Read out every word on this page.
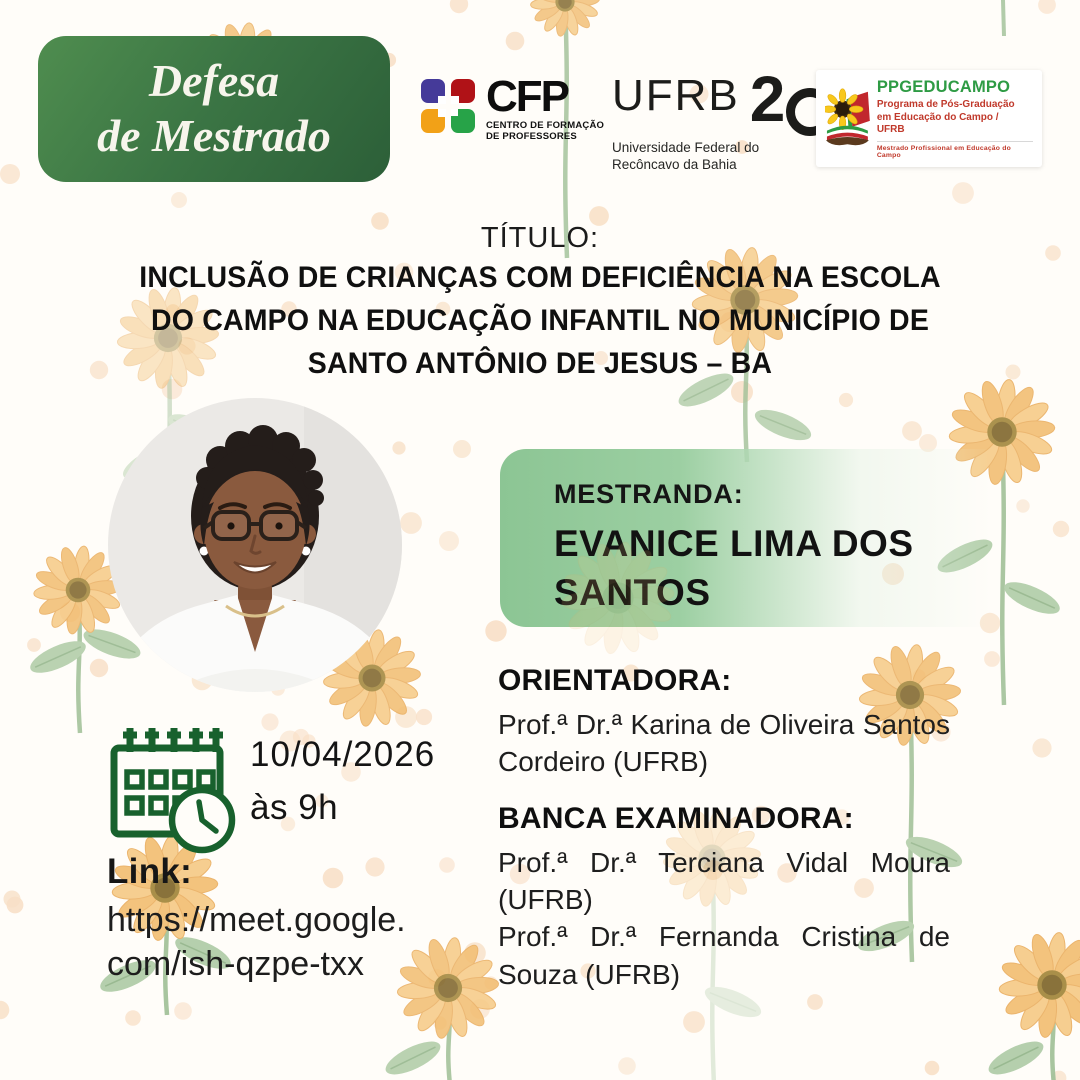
Defesa
de Mestrado
CFP
CENTRO DE FORMAÇÃO DE PROFESSORES
UFRB 2
Universidade Federal do Recôncavo da Bahia
PPGEDUCAMPO
Programa de Pós-Graduação em Educação do Campo / UFRB
Mestrado Profissional em Educação do Campo
TÍTULO:
INCLUSÃO DE CRIANÇAS COM DEFICIÊNCIA NA ESCOLA DO CAMPO NA EDUCAÇÃO INFANTIL NO MUNICÍPIO DE SANTO ANTÔNIO DE JESUS – BA
MESTRANDA:
EVANICE LIMA DOS SANTOS
ORIENTADORA:

Prof.ª Dr.ª Karina de Oliveira Santos Cordeiro (UFRB)

BANCA EXAMINADORA:

Prof.ª Dr.ª Terciana Vidal Moura (UFRB)

Prof.ª Dr.ª Fernanda Cristina de Souza (UFRB)

10/04/2026
às 9h
Link:
https://meet.google.
com/ish-qzpe-txx
